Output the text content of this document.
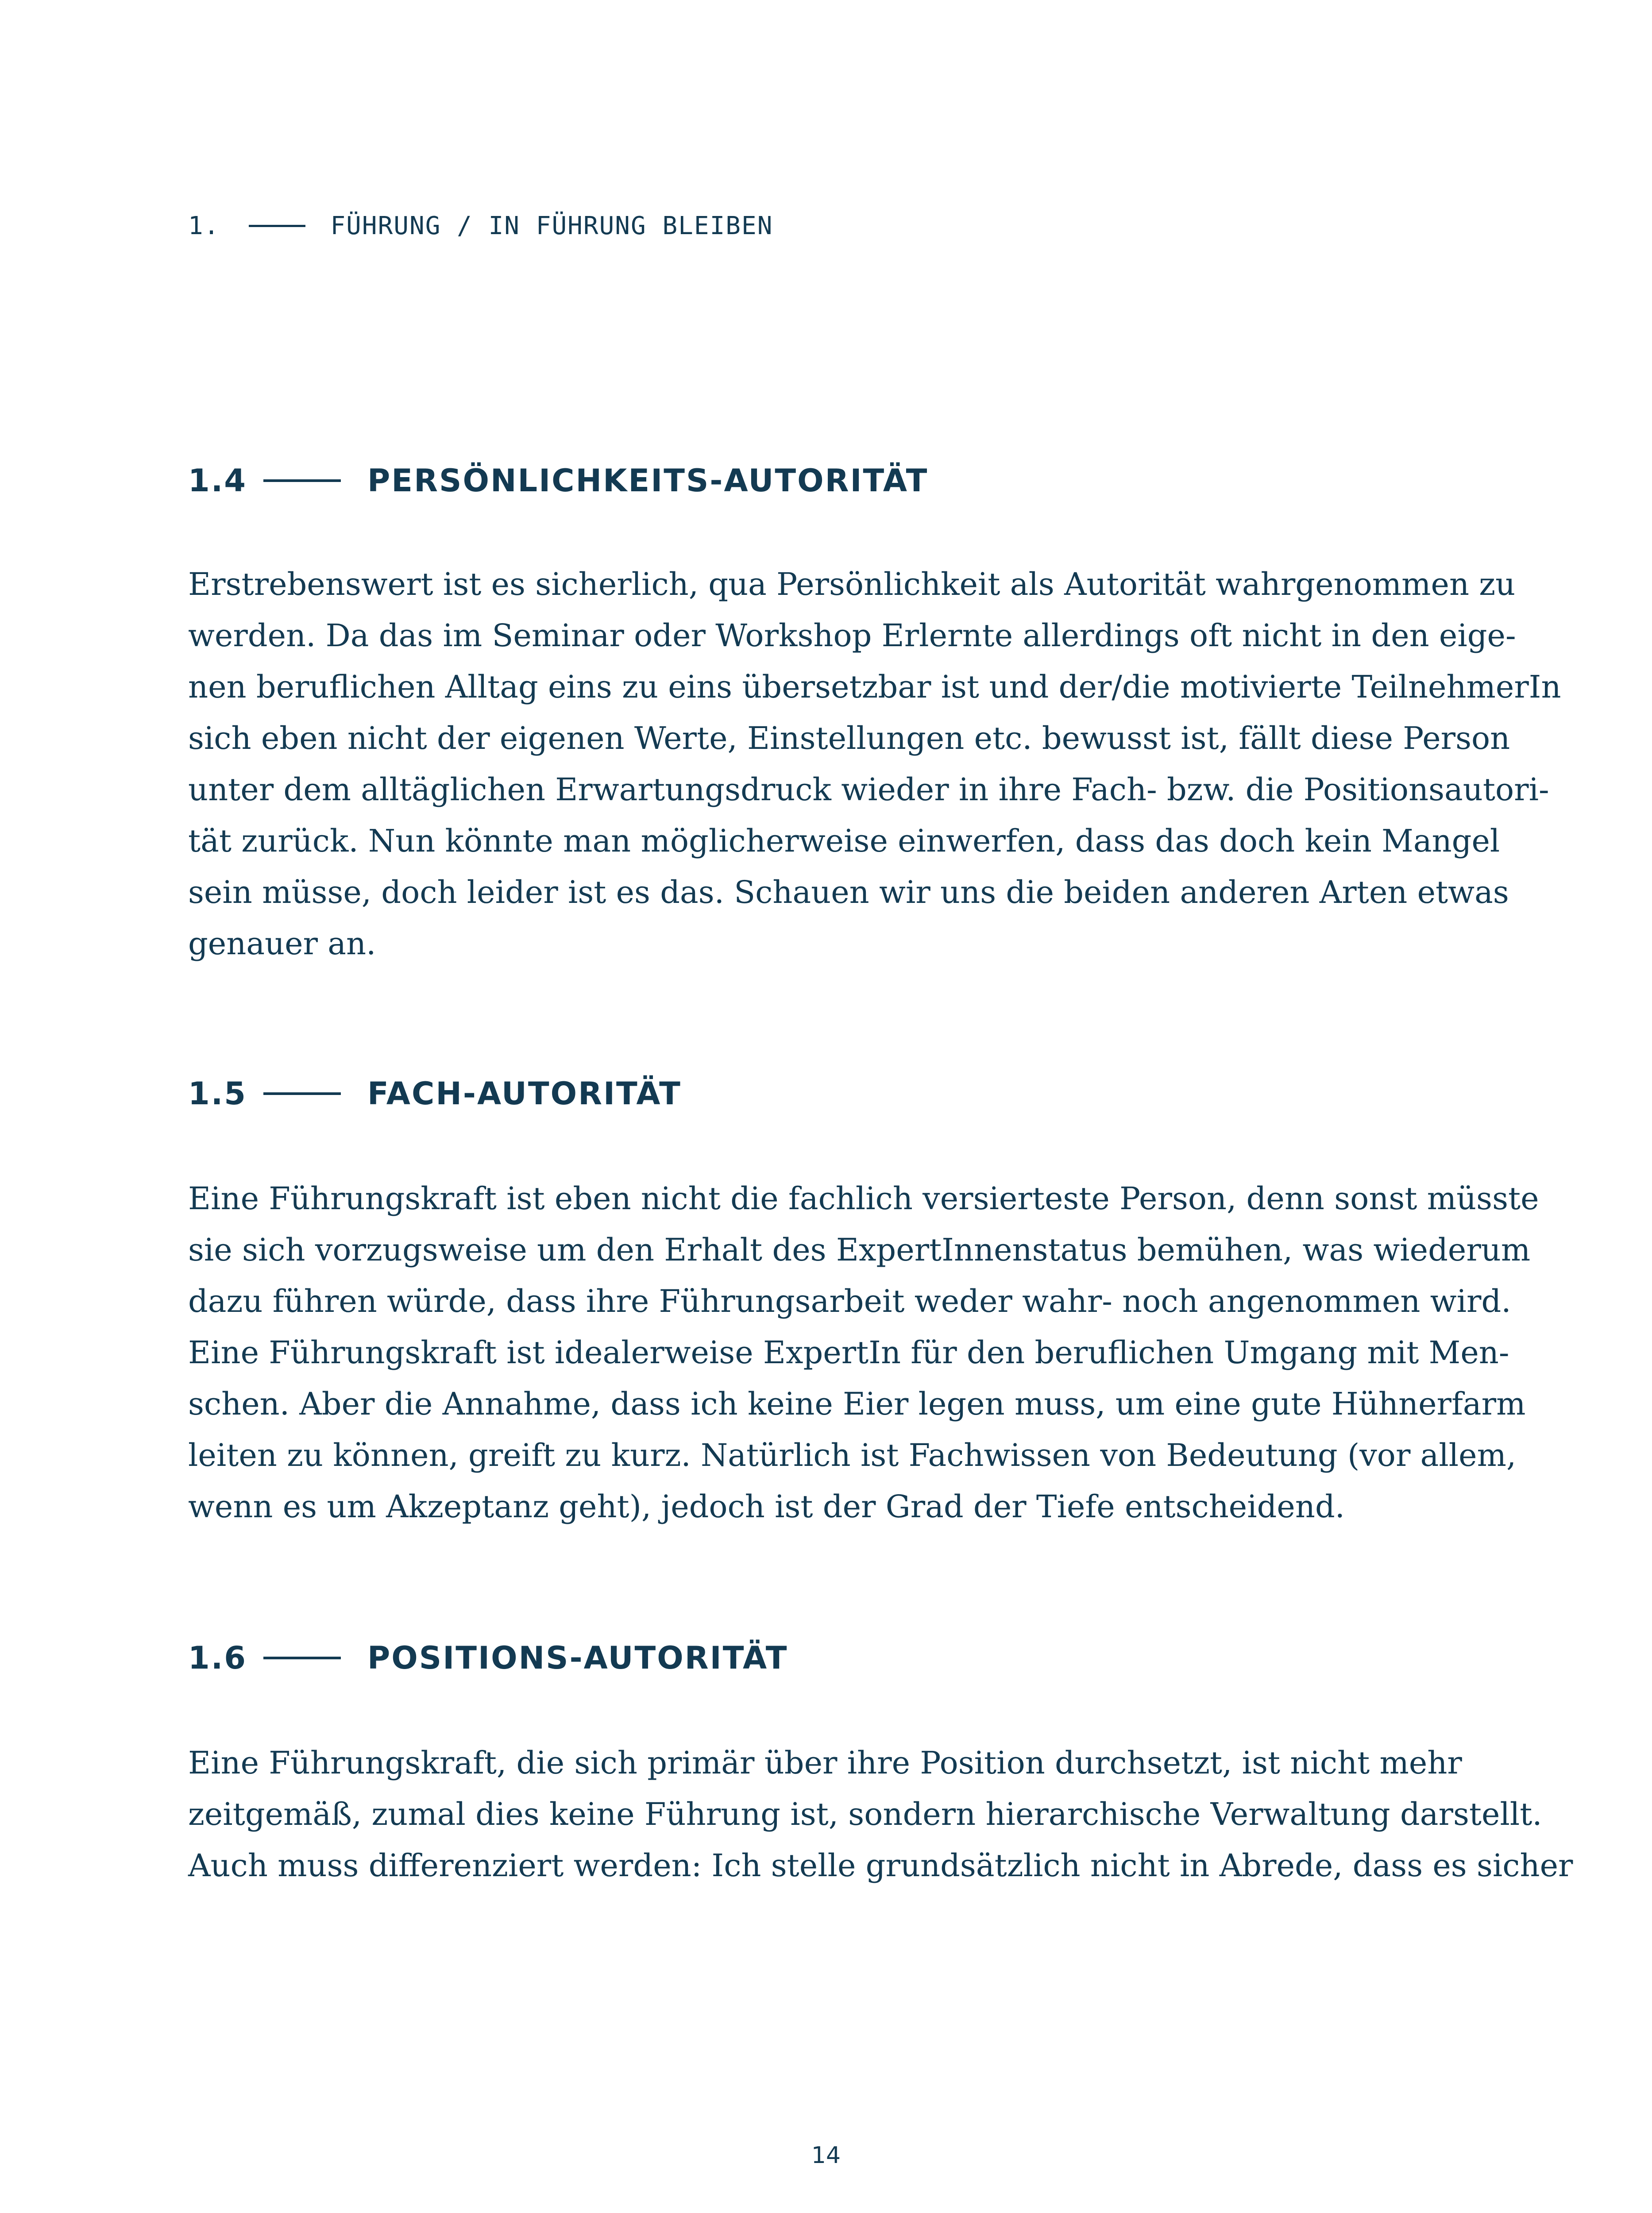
1.	FÜHRUNG / IN FÜHRUNG BLEIBEN
1.4	PERSÖNLICHKEITS-AUTORITÄT

Erstrebenswert ist es sicherlich, qua Persönlichkeit als Autorität wahrgenommen zu
werden. Da das im Seminar oder Workshop Erlernte allerdings oft nicht in den eige-
nen beruflichen Alltag eins zu eins übersetzbar ist und der/die motivierte TeilnehmerIn
sich eben nicht der eigenen Werte, Einstellungen etc. bewusst ist, fällt diese Person
unter dem alltäglichen Erwartungsdruck wieder in ihre Fach- bzw. die Positionsautori-
tät zurück. Nun könnte man möglicherweise einwerfen, dass das doch kein Mangel
sein müsse, doch leider ist es das. Schauen wir uns die beiden anderen Arten etwas
genauer an.

1.5	FACH-AUTORITÄT

Eine Führungskraft ist eben nicht die fachlich versierteste Person, denn sonst müsste
sie sich vorzugsweise um den Erhalt des ExpertInnenstatus bemühen, was wiederum
dazu führen würde, dass ihre Führungsarbeit weder wahr- noch angenommen wird.
Eine Führungskraft ist idealerweise ExpertIn für den beruflichen Umgang mit Men-
schen. Aber die Annahme, dass ich keine Eier legen muss, um eine gute Hühnerfarm
leiten zu können, greift zu kurz. Natürlich ist Fachwissen von Bedeutung (vor allem,
wenn es um Akzeptanz geht), jedoch ist der Grad der Tiefe entscheidend.

1.6	POSITIONS-AUTORITÄT

Eine Führungskraft, die sich primär über ihre Position durchsetzt, ist nicht mehr
zeitgemäß, zumal dies keine Führung ist, sondern hierarchische Verwaltung darstellt.
Auch muss differenziert werden: Ich stelle grundsätzlich nicht in Abrede, dass es sicher

14
